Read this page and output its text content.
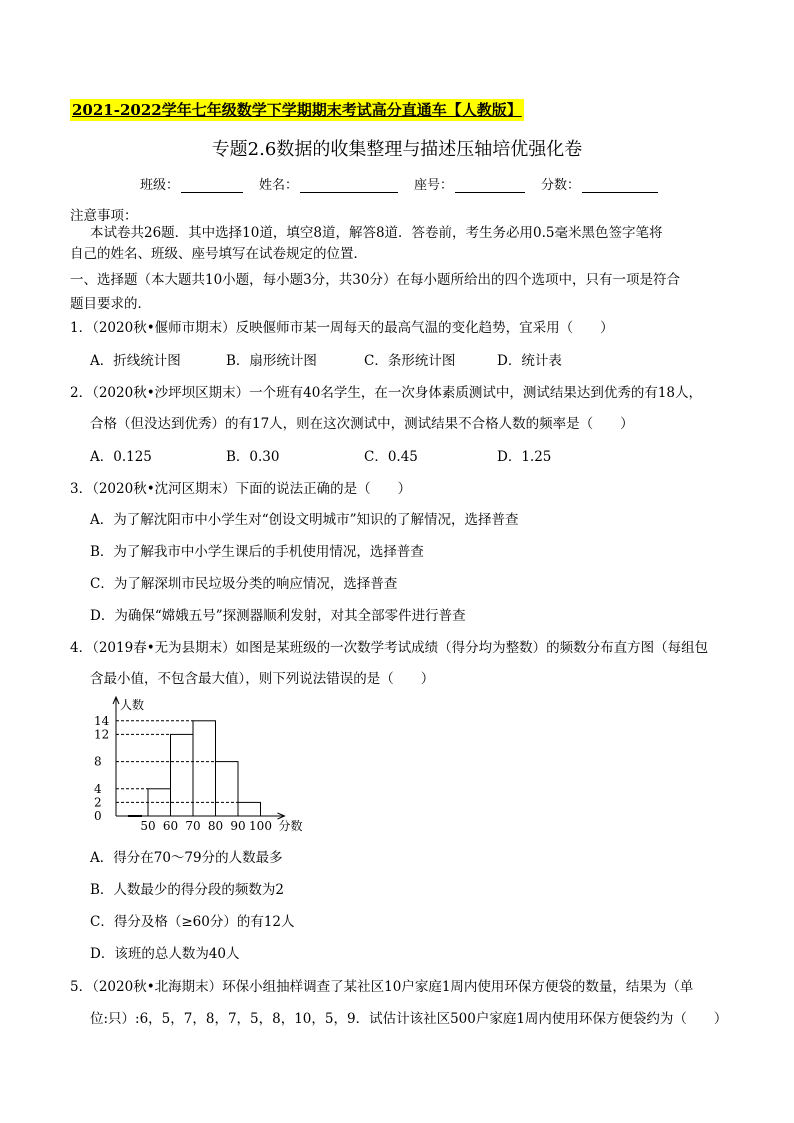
2021-2022学年七年级数学下学期期末考试高分直通车【人教版】
专题2.6数据的收集整理与描述压轴培优强化卷
班级：	姓名：	座号：	分数：
注意事项：
本试卷共26题．其中选择10道，填空8道，解答8道．答卷前，考生务必用0.5毫米黑色签字笔将
自己的姓名、班级、座号填写在试卷规定的位置．
一、选择题（本大题共10小题，每小题3分，共30分）在每小题所给出的四个选项中，只有一项是符合
题目要求的．
1．（2020秋•偃师市期末）反映偃师市某一周每天的最高气温的变化趋势，宜采用（　　）
A．折线统计图	B．扇形统计图	C．条形统计图	D．统计表
2．（2020秋•沙坪坝区期末）一个班有40名学生，在一次身体素质测试中，测试结果达到优秀的有18人，
合格（但没达到优秀）的有17人，则在这次测试中，测试结果不合格人数的频率是（　　）
A．0.125	B．0.30	C．0.45	D．1.25
3．（2020秋•沈河区期末）下面的说法正确的是（　　）
A．为了解沈阳市中小学生对“创设文明城市”知识的了解情况，选择普查
B．为了解我市中小学生课后的手机使用情况，选择普查
C．为了解深圳市民垃圾分类的响应情况，选择普查
D．为确保“嫦娥五号”探测器顺利发射，对其全部零件进行普查
4．（2019春•无为县期末）如图是某班级的一次数学考试成绩（得分均为整数）的频数分布直方图（每组包
含最小值，不包含最大值），则下列说法错误的是（　　）
0
2
4
8
12
14
50 60 70 80 90 100
人数
分数
A．得分在70～79分的人数最多
B．人数最少的得分段的频数为2
C．得分及格（≥60分）的有12人
D．该班的总人数为40人
5．（2020秋•北海期末）环保小组抽样调查了某社区10户家庭1周内使用环保方便袋的数量，结果为（单
位:只）:6，5，7，8，7，5，8，10，5，9．试估计该社区500户家庭1周内使用环保方便袋约为（　　）
